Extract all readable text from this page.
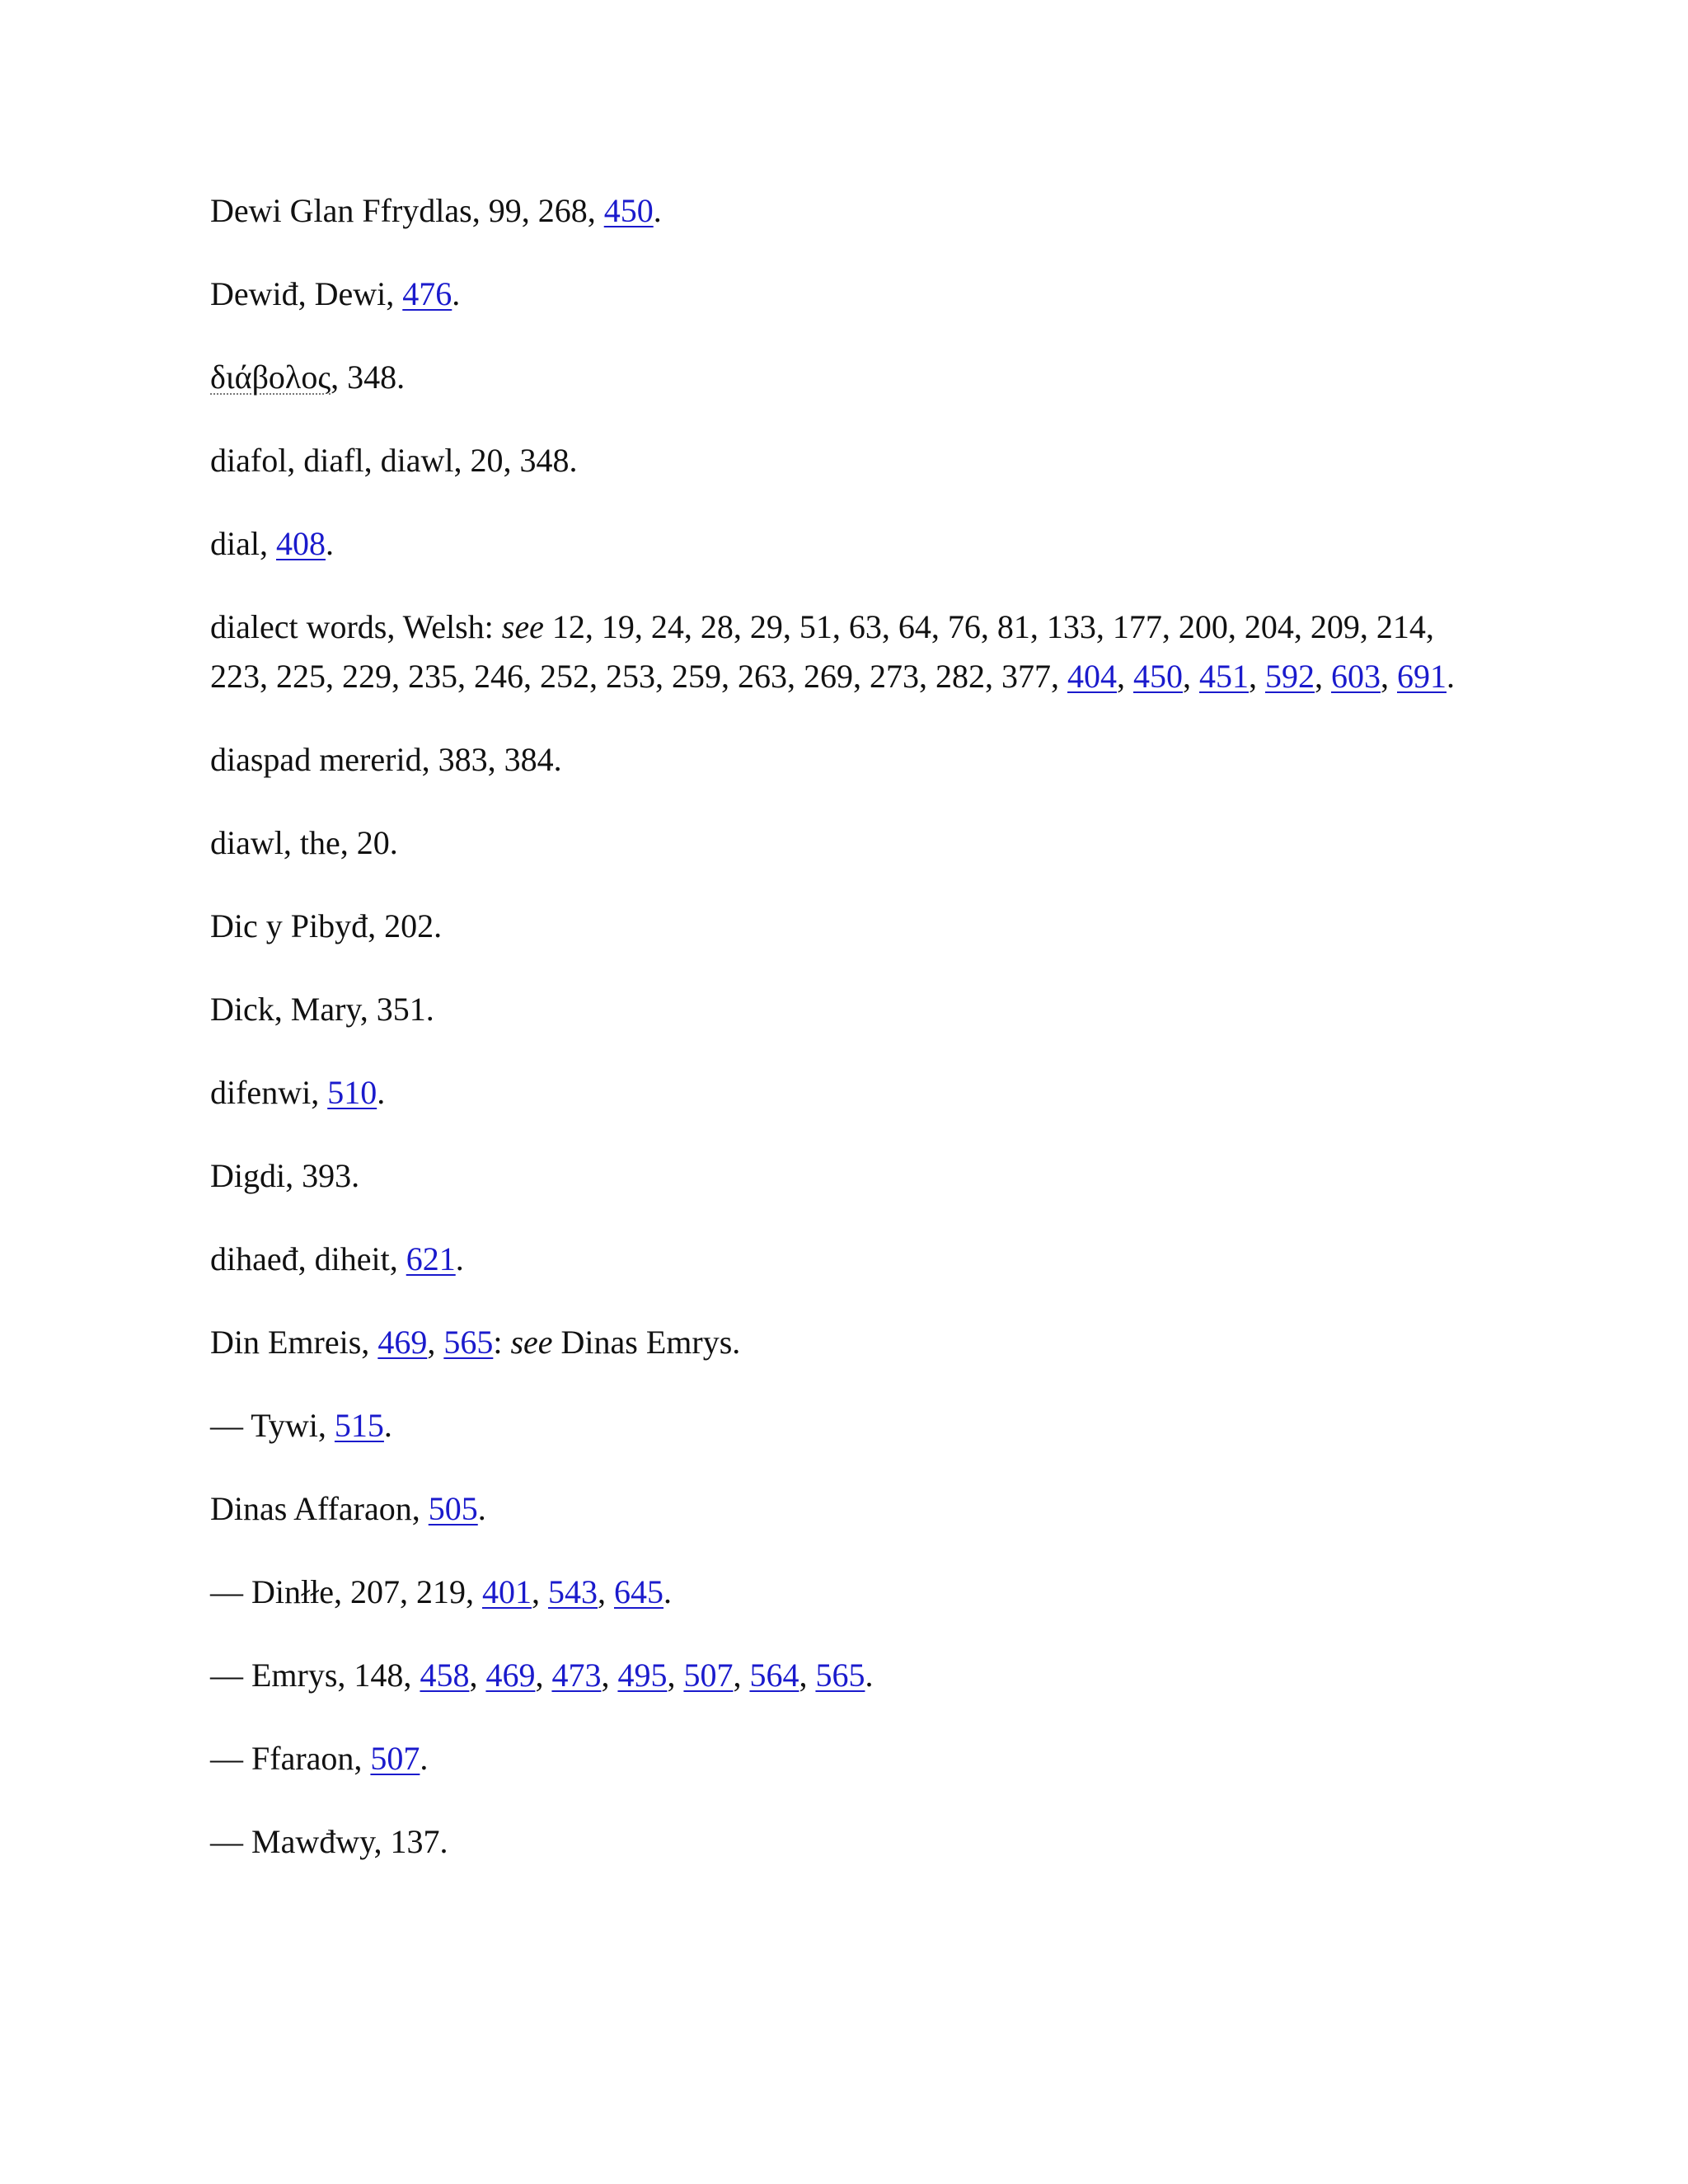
Dewi Glan Ffrydlas, 99, 268, 450.

Dewiđ, Dewi, 476.

διάβολος, 348.

diafol, diafl, diawl, 20, 348.

dial, 408.

dialect words, Welsh: see 12, 19, 24, 28, 29, 51, 63, 64, 76, 81, 133, 177, 200, 204, 209, 214, 223, 225, 229, 235, 246, 252, 253, 259, 263, 269, 273, 282, 377, 404, 450, 451, 592, 603, 691.

diaspad mererid, 383, 384.

diawl, the, 20.

Dic y Pibyđ, 202.

Dick, Mary, 351.

difenwi, 510.

Digdi, 393.

dihaeđ, diheit, 621.

Din Emreis, 469, 565: see Dinas Emrys.

— Tywi, 515.

Dinas Affaraon, 505.

— Dinłłe, 207, 219, 401, 543, 645.

— Emrys, 148, 458, 469, 473, 495, 507, 564, 565.

— Ffaraon, 507.

— Mawđwy, 137.
